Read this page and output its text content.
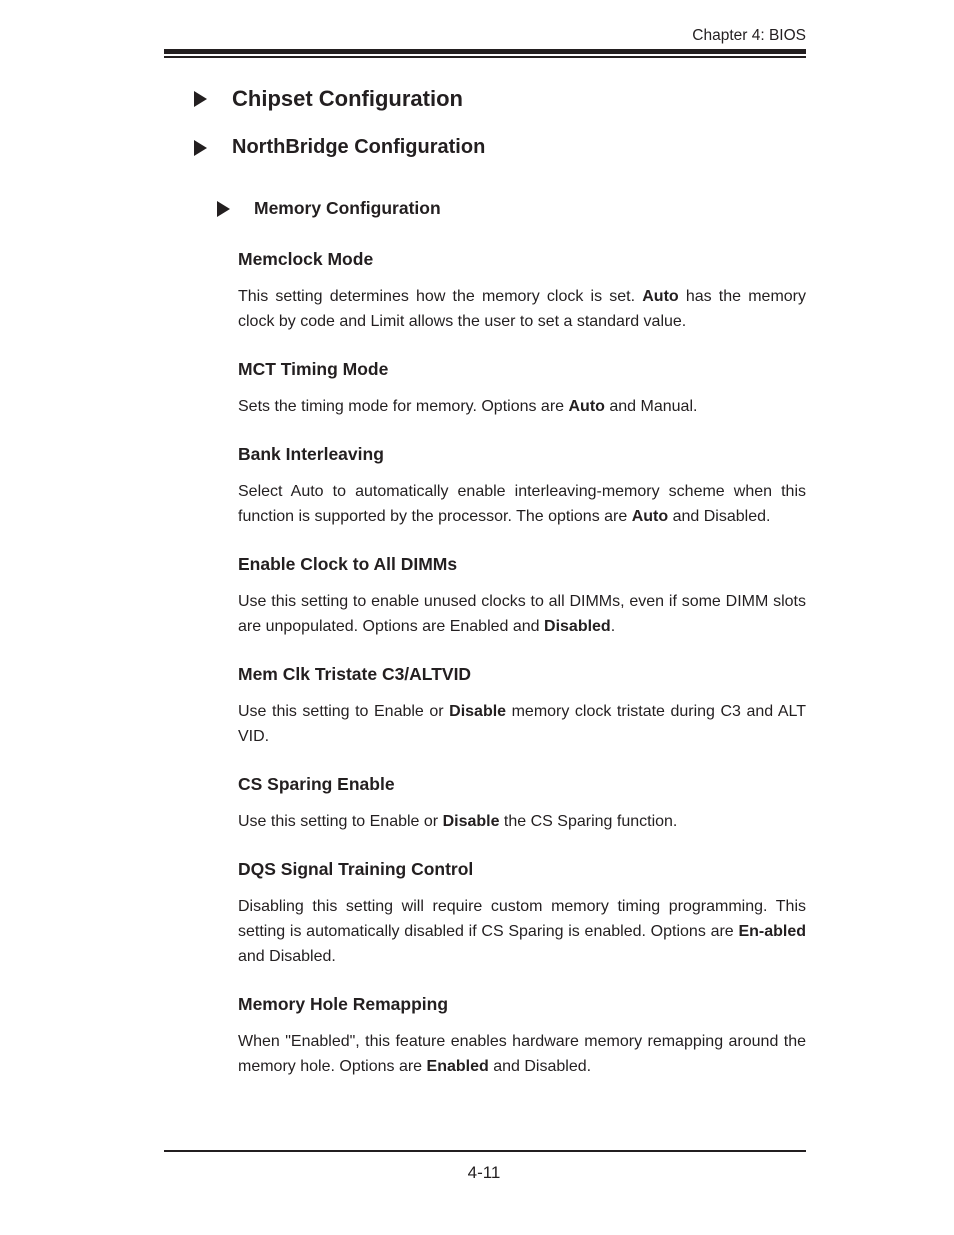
Chapter 4: BIOS
Chipset Configuration
NorthBridge Configuration
Memory Configuration
Memclock Mode

This setting determines how the memory clock is set. Auto has the memory clock by code and Limit allows the user to set a standard value.

MCT Timing Mode

Sets the timing mode for memory. Options are Auto and Manual.

Bank Interleaving

Select Auto to automatically enable interleaving-memory scheme when this function is supported by the processor. The options are Auto and Disabled.

Enable Clock to All DIMMs

Use this setting to enable unused clocks to all DIMMs, even if some DIMM slots are unpopulated. Options are Enabled and Disabled.

Mem Clk Tristate C3/ALTVID

Use this setting to Enable or Disable memory clock tristate during C3 and ALT VID.

CS Sparing Enable

Use this setting to Enable or Disable the CS Sparing function.

DQS Signal Training Control

Disabling this setting will require custom memory timing programming. This setting is automatically disabled if CS Sparing is enabled. Options are En-abled and Disabled.

Memory Hole Remapping

When "Enabled", this feature enables hardware memory remapping around the memory hole. Options are Enabled and Disabled.

4-11
